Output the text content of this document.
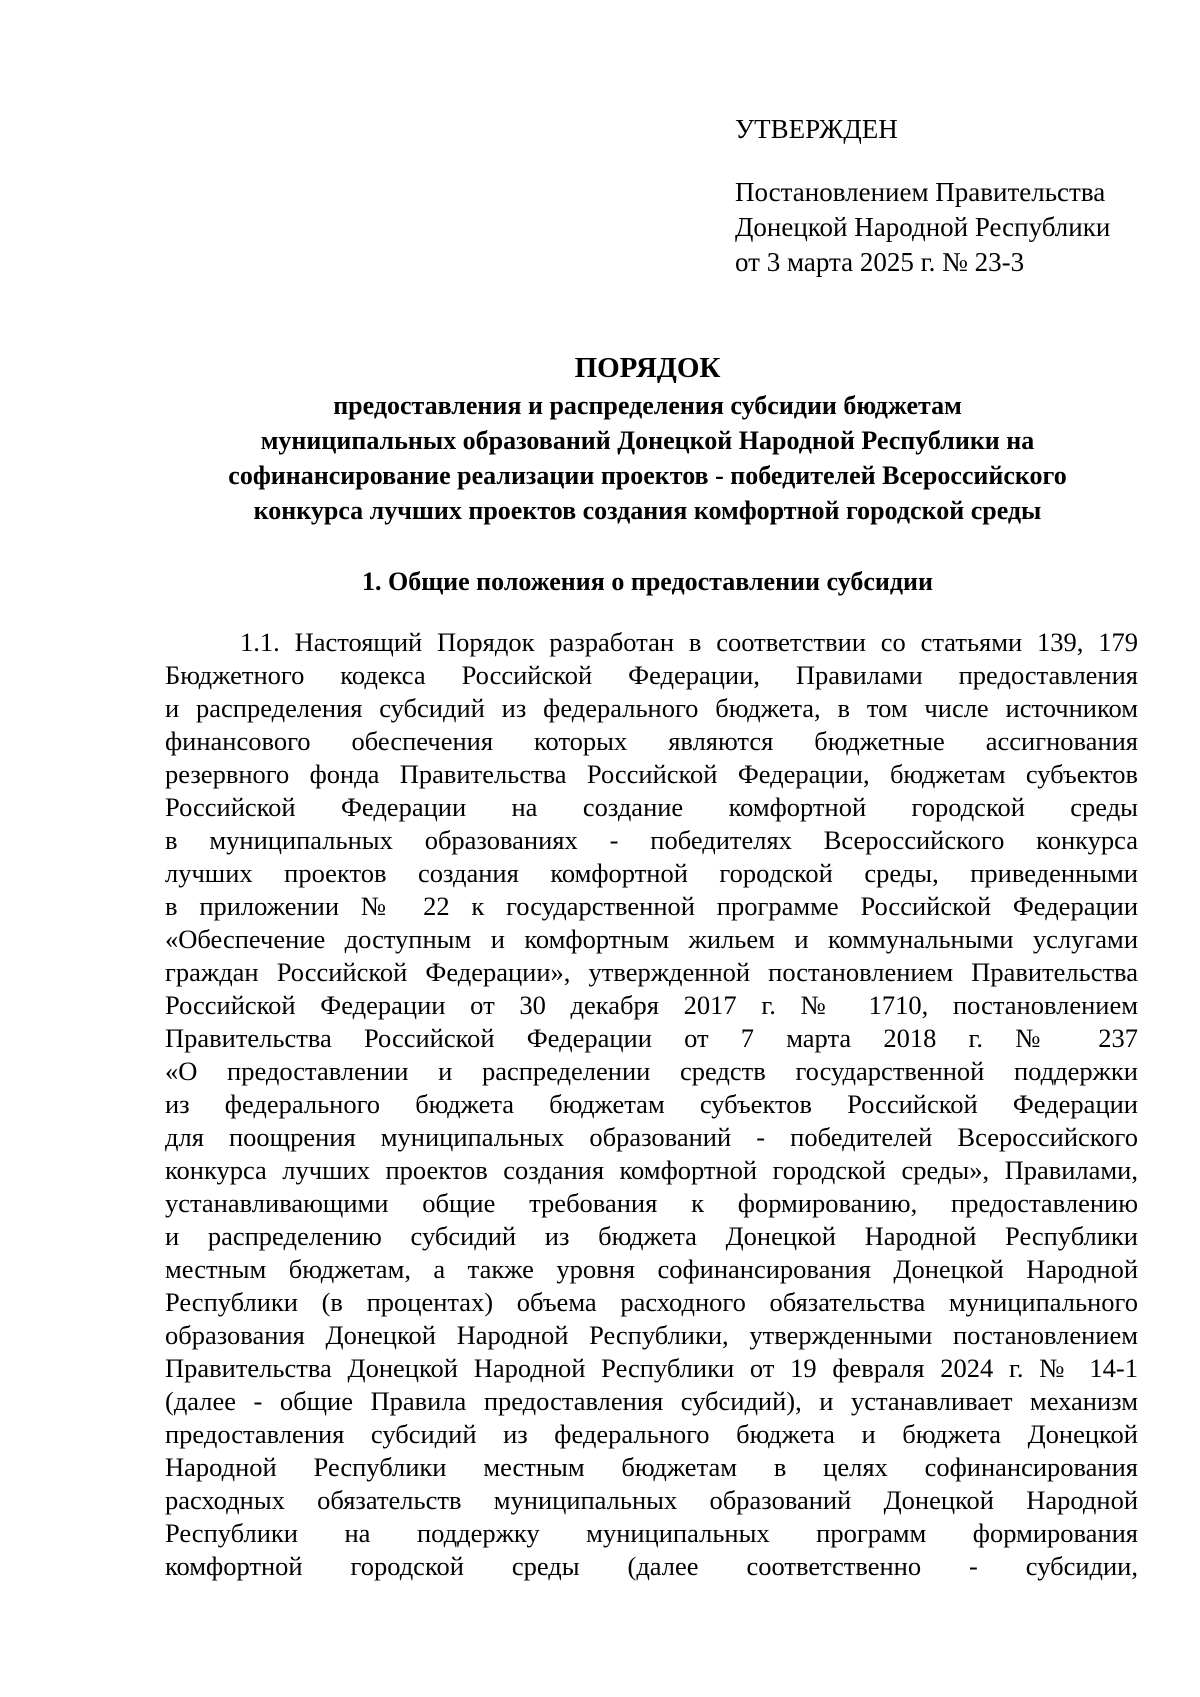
УТВЕРЖДЕН
Постановлением Правительства
Донецкой Народной Республики
от 3 марта 2025 г. № 23-3
ПОРЯДОК
предоставления и распределения субсидии бюджетам
муниципальных образований Донецкой Народной Республики на
софинансирование реализации проектов - победителей Всероссийского
конкурса лучших проектов создания комфортной городской среды
1. Общие положения о предоставлении субсидии
1.1. Настоящий Порядок разработан в соответствии со статьями 139, 179
Бюджетного кодекса Российской Федерации, Правилами предоставления
и распределения субсидий из федерального бюджета, в том числе источником
финансового обеспечения которых являются бюджетные ассигнования
резервного фонда Правительства Российской Федерации, бюджетам субъектов
Российской Федерации на создание комфортной городской среды
в муниципальных образованиях - победителях Всероссийского конкурса
лучших проектов создания комфортной городской среды, приведенными
в приложении № 22 к государственной программе Российской Федерации
«Обеспечение доступным и комфортным жильем и коммунальными услугами
граждан Российской Федерации», утвержденной постановлением Правительства
Российской Федерации от 30 декабря 2017 г. № 1710, постановлением
Правительства Российской Федерации от 7 марта 2018 г. № 237
«О предоставлении и распределении средств государственной поддержки
из федерального бюджета бюджетам субъектов Российской Федерации
для поощрения муниципальных образований - победителей Всероссийского
конкурса лучших проектов создания комфортной городской среды», Правилами,
устанавливающими общие требования к формированию, предоставлению
и распределению субсидий из бюджета Донецкой Народной Республики
местным бюджетам, а также уровня софинансирования Донецкой Народной
Республики (в процентах) объема расходного обязательства муниципального
образования Донецкой Народной Республики, утвержденными постановлением
Правительства Донецкой Народной Республики от 19 февраля 2024 г. № 14-1
(далее - общие Правила предоставления субсидий), и устанавливает механизм
предоставления субсидий из федерального бюджета и бюджета Донецкой
Народной Республики местным бюджетам в целях софинансирования
расходных обязательств муниципальных образований Донецкой Народной
Республики на поддержку муниципальных программ формирования
комфортной городской среды (далее соответственно - субсидии,
